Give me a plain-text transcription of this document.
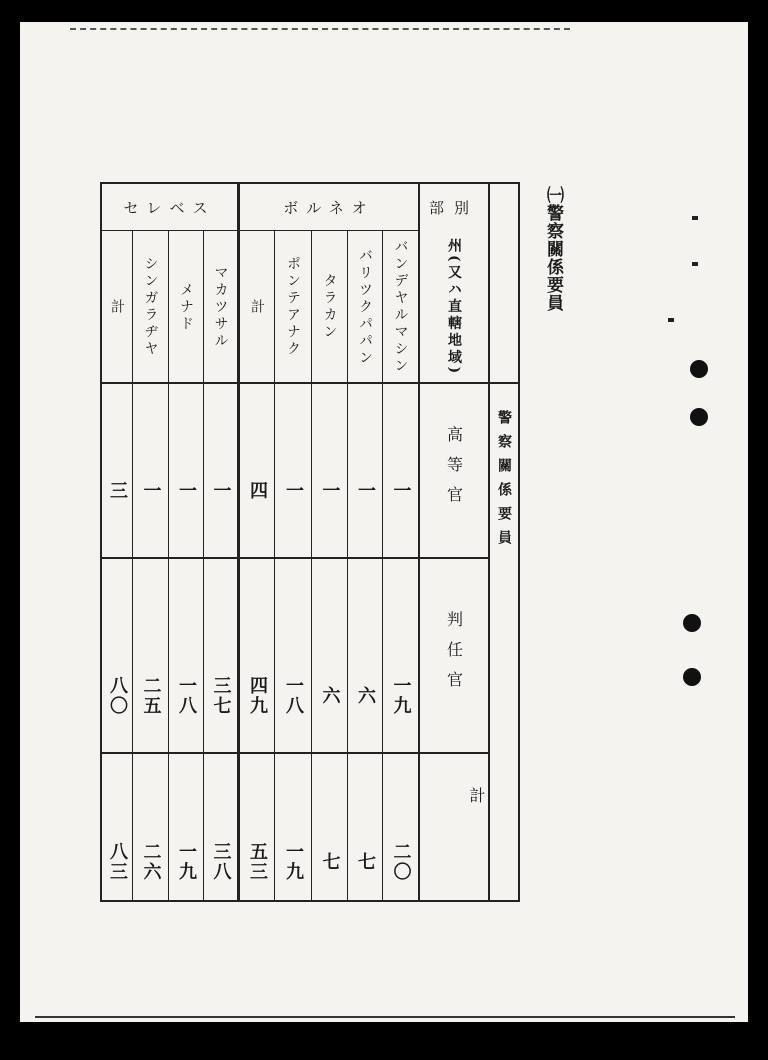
㈠警察關係要員
セレベス	ボルネオ	部別
州(又ハ直轄地域)
警察關係要員
高等官
判任官
計
バンデヤルマシン
バリツクパパン
タラカン
ポンテアナク
計
マカツサル
メナド
シンガラヂヤ
計
一
一
一
一
四
一
一
一
三
一九
六
六
一八
四九
三七
一八
二五
八〇
二〇
七
七
一九
五三
三八
一九
二六
八三
